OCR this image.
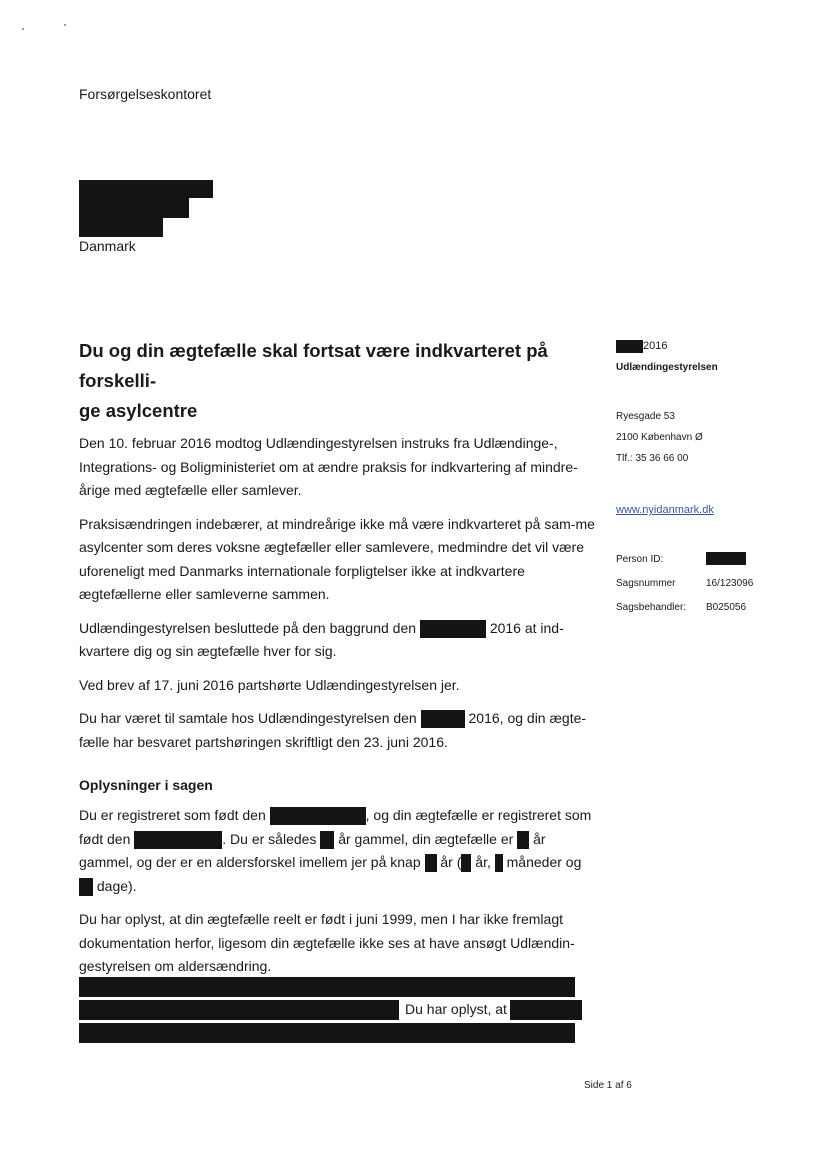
Forsørgelseskontoret
Danmark
Du og din ægtefælle skal fortsat være indkvarteret på forskelli-
ge asylcentre
2016
Udlændingestyrelsen
Ryesgade 53
2100 København Ø
Tlf.: 35 36 66 00
www.nyidanmark.dk
Person ID:	
Sagsnummer	16/123096
Sagsbehandler:	B025056

Den 10. februar 2016 modtog Udlændingestyrelsen instruks fra Udlændinge-, Integrations- og Boligministeriet om at ændre praksis for indkvartering af mindre-årige med ægtefælle eller samlever.

Praksisændringen indebærer, at mindreårige ikke må være indkvarteret på sam-me asylcenter som deres voksne ægtefæller eller samlevere, medmindre det vil være uforeneligt med Danmarks internationale forpligtelser ikke at indkvartere ægtefællerne eller samleverne sammen.

Udlændingestyrelsen besluttede på den baggrund den	2016 at ind-kvartere dig og sin ægtefælle hver for sig.

Ved brev af 17. juni 2016 partshørte Udlændingestyrelsen jer.

Du har været til samtale hos Udlændingestyrelsen den	2016, og din ægte-fælle har besvaret partshøringen skriftligt den 23. juni 2016.

Oplysninger i sagen

Du er registreret som født den	, og din ægtefælle er registreret som født den	. Du er således år gammel, din ægtefælle er år gammel, og der er en aldersforskel imellem jer på knap år ( år, måneder og  dage).

Du har oplyst, at din ægtefælle reelt er født i juni 1999, men I har ikke fremlagt dokumentation herfor, ligesom din ægtefælle ikke ses at have ansøgt Udlændin-gestyrelsen om aldersændring.

Du har oplyst, at
Side 1 af 6
